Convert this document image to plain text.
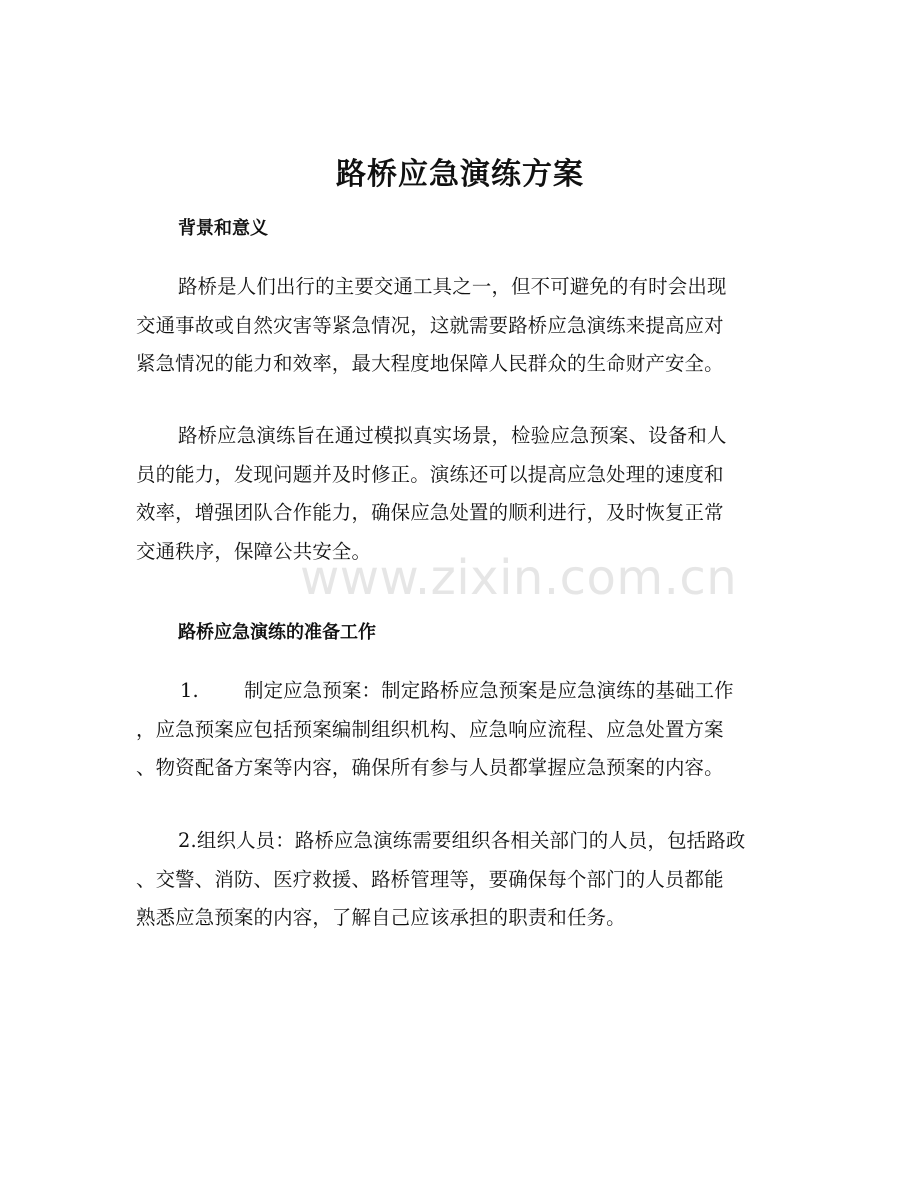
路桥应急演练方案
背景和意义
路桥是人们出行的主要交通工具之一，但不可避免的有时会出现
交通事故或自然灾害等紧急情况，这就需要路桥应急演练来提高应对
紧急情况的能力和效率，最大程度地保障人民群众的生命财产安全。
路桥应急演练旨在通过模拟真实场景，检验应急预案、设备和人
员的能力，发现问题并及时修正。演练还可以提高应急处理的速度和
效率，增强团队合作能力，确保应急处置的顺利进行，及时恢复正常
交通秩序，保障公共安全。
路桥应急演练的准备工作
1. 制定应急预案：制定路桥应急预案是应急演练的基础工作
，应急预案应包括预案编制组织机构、应急响应流程、应急处置方案
、物资配备方案等内容，确保所有参与人员都掌握应急预案的内容。
2.组织人员：路桥应急演练需要组织各相关部门的人员，包括路政
、交警、消防、医疗救援、路桥管理等，要确保每个部门的人员都能
熟悉应急预案的内容，了解自己应该承担的职责和任务。
www.zixin.com.cn
